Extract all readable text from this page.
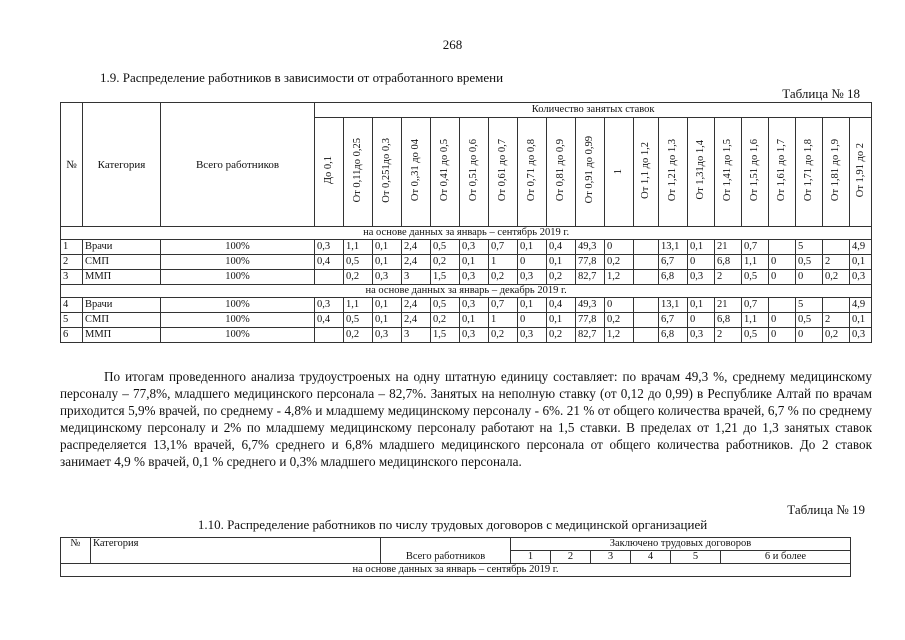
268
1.9. Распределение работников в зависимости от отработанного времени
Таблица № 18
№	Категория	Всего работников	Количество занятых ставок																			
			До 0,1	От 0,11до 0,25	От 0,251до 0,3	От 0,,31 до 04	От 0,41 до 0,5	От 0,51 до 0,6	От 0,61 до 0,7	От 0,71 до 0,8	От 0,81 до 0,9	От 0,91 до 0,99	1	От 1,1 до 1,2	От 1,21 до 1,3	От 1,31до 1,4	От 1,41 до 1,5	От 1,51 до 1,6	От 1,61 до 1,7	От 1,71 до 1,8	От 1,81 до 1,9	От 1,91 до 2
на основе данных за январь – сентябрь 2019 г.																						
1	Врачи	100%	0,3	1,1	0,1	2,4	0,5	0,3	0,7	0,1	0,4	49,3	0		13,1	0,1	21	0,7		5		4,9
2	СМП	100%	0,4	0,5	0,1	2,4	0,2	0,1	1	0	0,1	77,8	0,2		6,7	0	6,8	1,1	0	0,5	2	0,1
3	ММП	100%		0,2	0,3	3	1,5	0,3	0,2	0,3	0,2	82,7	1,2		6,8	0,3	2	0,5	0	0	0,2	0,3
на основе данных за январь – декабрь 2019 г.																						
4	Врачи	100%	0,3	1,1	0,1	2,4	0,5	0,3	0,7	0,1	0,4	49,3	0		13,1	0,1	21	0,7		5		4,9
5	СМП	100%	0,4	0,5	0,1	2,4	0,2	0,1	1	0	0,1	77,8	0,2		6,7	0	6,8	1,1	0	0,5	2	0,1
6	ММП	100%		0,2	0,3	3	1,5	0,3	0,2	0,3	0,2	82,7	1,2		6,8	0,3	2	0,5	0	0	0,2	0,3
По итогам проведенного анализа трудоустроеных на одну штатную единицу составляет: по врачам 49,3 %, среднему медицинскому персоналу – 77,8%, младшего медицинского персонала – 82,7%. Занятых на неполную ставку (от 0,12 до 0,99) в Республике Алтай по врачам приходится 5,9% врачей, по среднему - 4,8% и младшему медицинскому персоналу - 6%. 21 % от общего количества врачей, 6,7 % по среднему медицинскому персоналу и 2% по младшему медицинскому персоналу работают на 1,5 ставки. В пределах от 1,21 до 1,3 занятых ставок распределяется 13,1% врачей, 6,7% среднего и 6,8% младшего медицинского персонала от общего количества работников. До 2 ставок занимает 4,9 % врачей, 0,1 % среднего и 0,3% младшего медицинского персонала.
Таблица № 19
1.10. Распределение работников по числу трудовых договоров с медицинской организацией
№	Категория		Заключено трудовых договоров					
		Всего работников	1	2	3	4	5	6 и более
на основе данных за январь – сентябрь 2019 г.								
